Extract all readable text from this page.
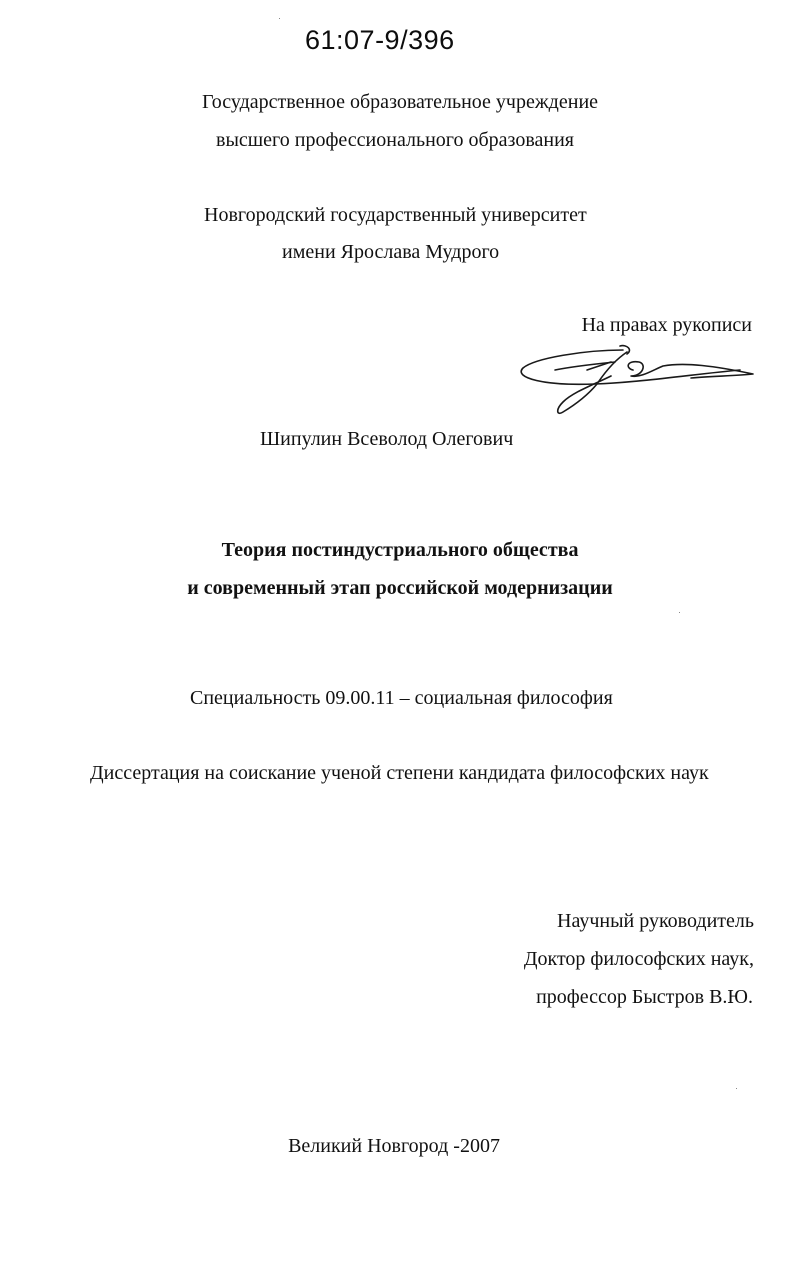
61:07-9/396
Государственное образовательное учреждение
высшего профессионального образования
Новгородский государственный университет
имени Ярослава Мудрого
На правах рукописи
Шипулин Всеволод Олегович
Теория постиндустриального общества
и современный этап российской модернизации
Специальность 09.00.11 – социальная философия
Диссертация на соискание ученой степени кандидата философских наук
Научный руководитель
Доктор философских наук,
профессор Быстров В.Ю.
Великий Новгород -2007
